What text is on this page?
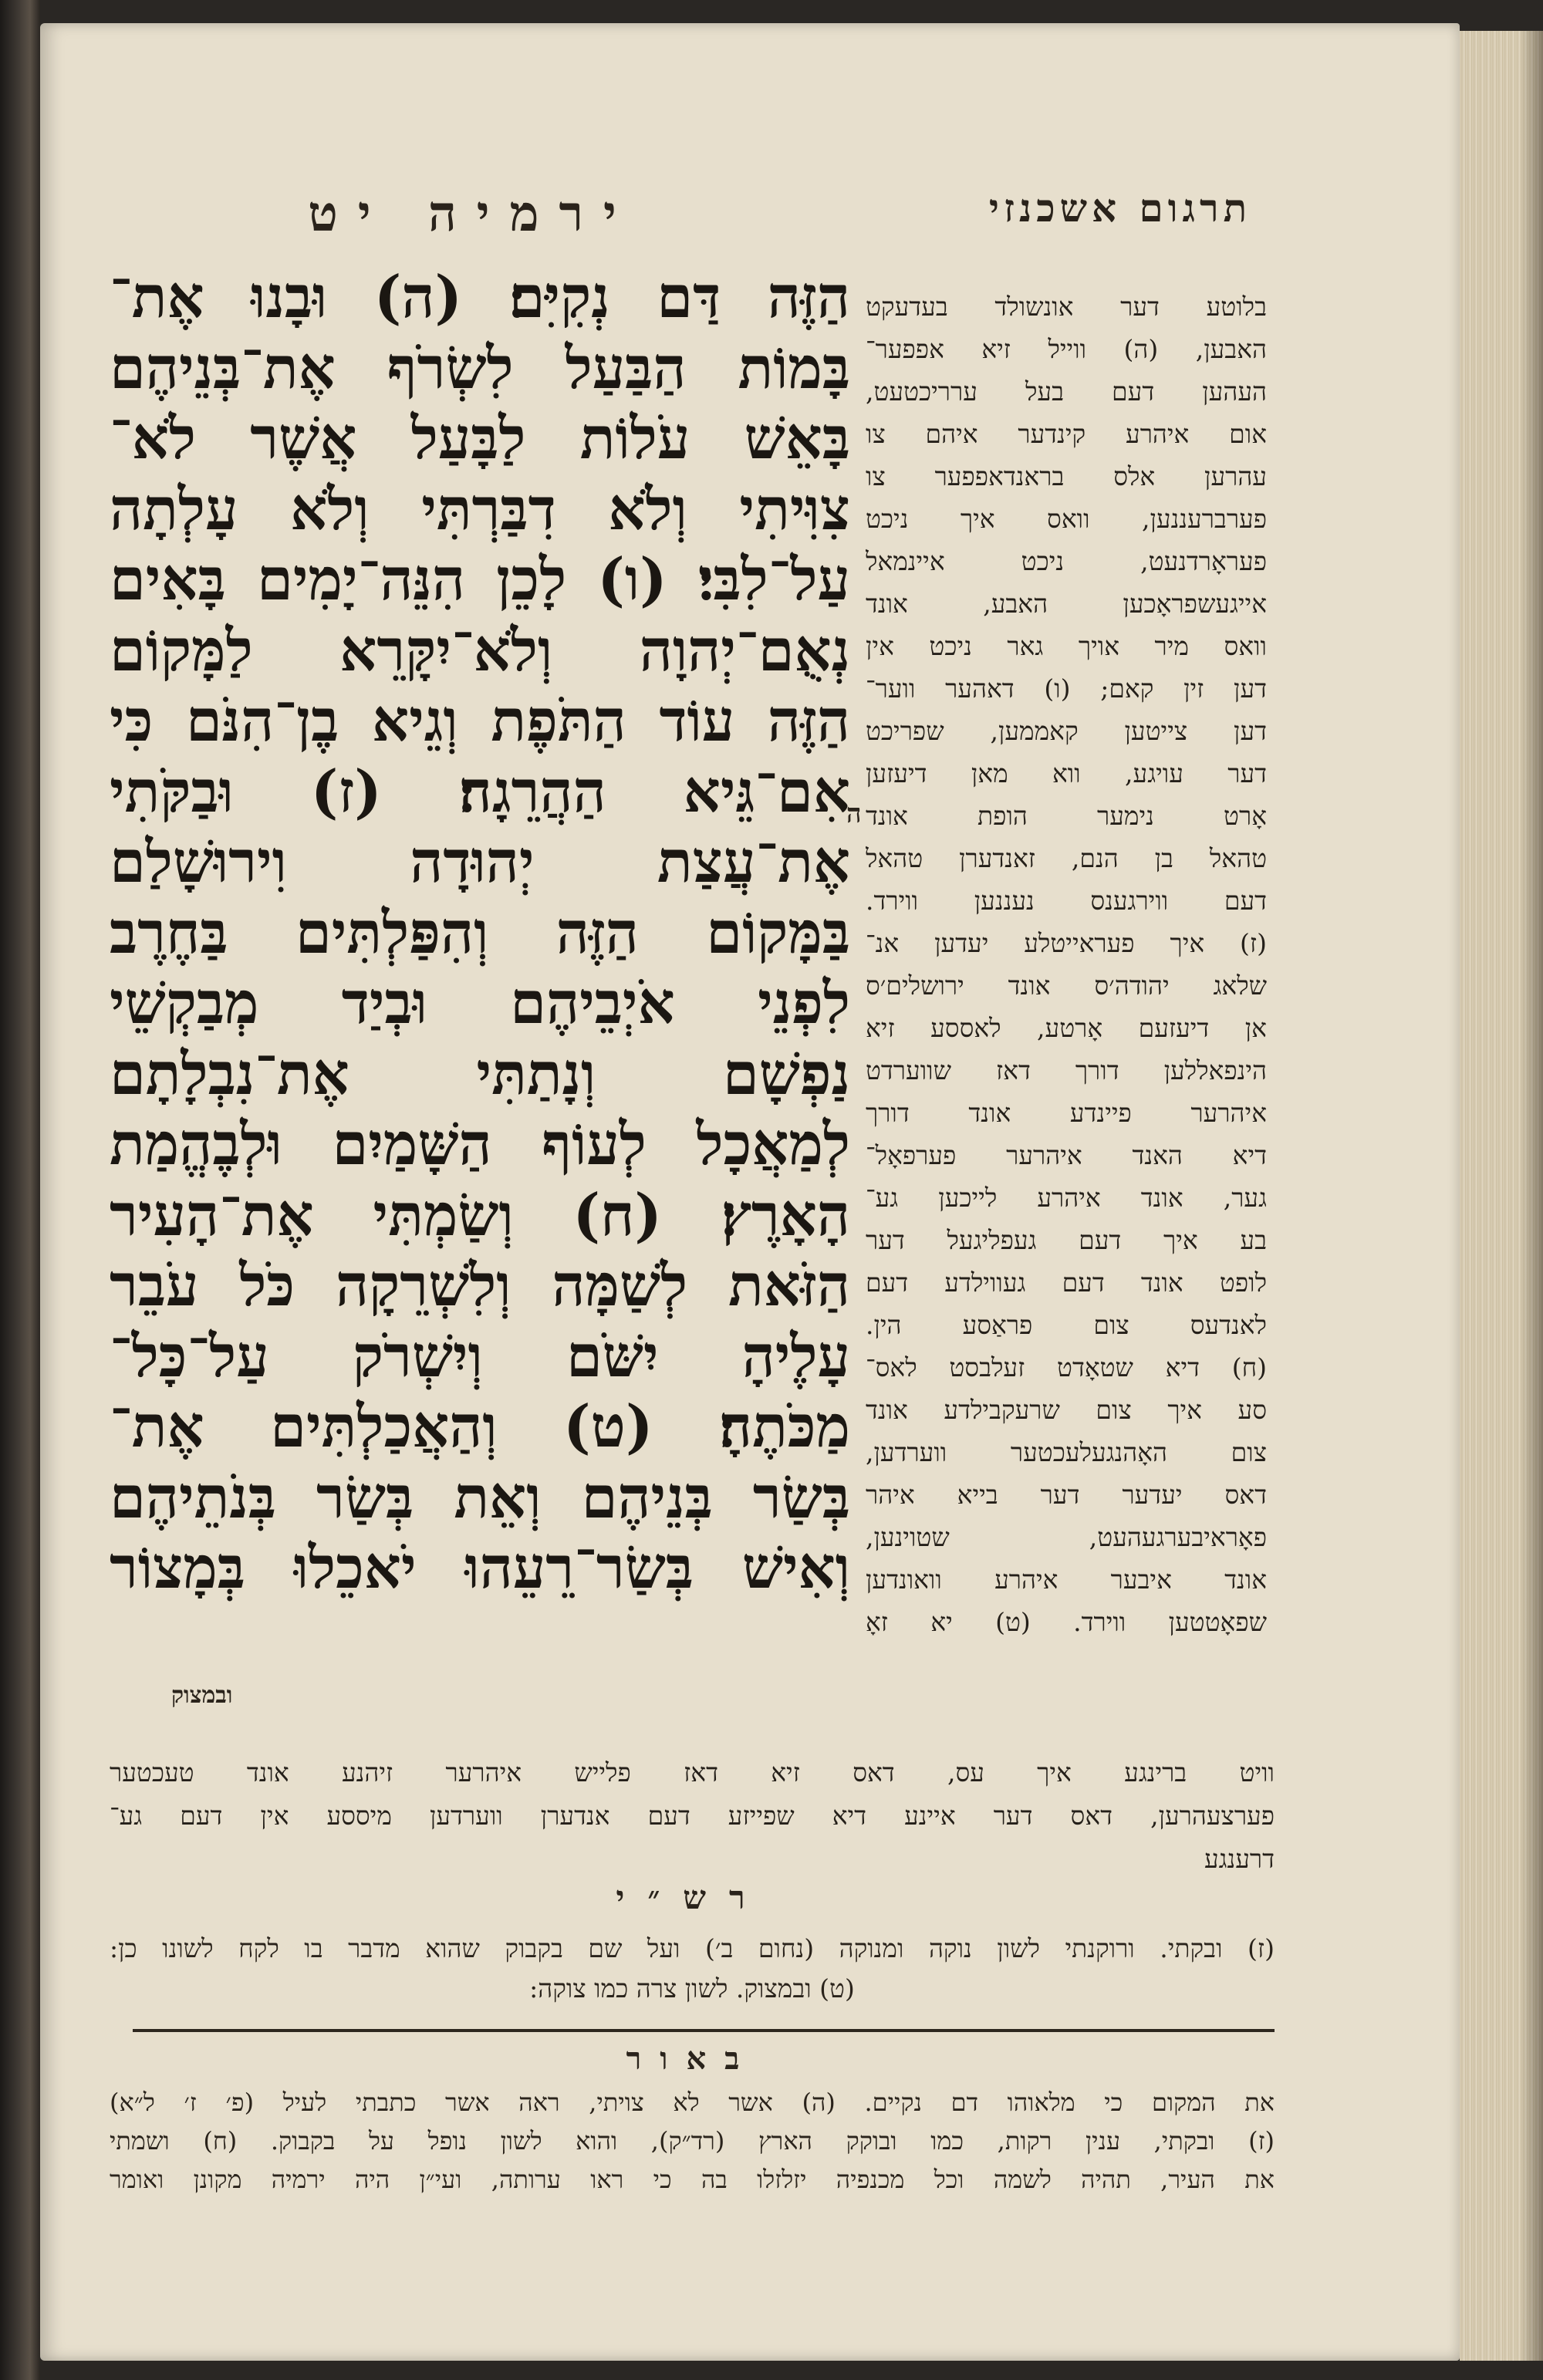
ירמיה יט	תרגום אשכנזי
הַזֶּה דַּם נְקִיִּם׃ (ה) וּבָנוּ אֶת־
בָּמוֹת הַבַּעַל לִשְׂרֹף אֶת־בְּנֵיהֶם
בָּאֵשׁ עֹלוֹת לַבָּעַל אֲשֶׁר לֹא־
צִוִּיתִי וְלֹא דִבַּרְתִּי וְלֹא עָלְתָה
עַל־לִבִּי׃ (ו) לָכֵן הִנֵּה־יָמִים בָּאִים
נְאֻם־יְהוָה וְלֹא־יִקָּרֵא לַמָּקוֹם
הַזֶּה עוֹד הַתֹּפֶת וְגֵיא בֶן־הִנֹּם כִּי
אִם־גֵּיא הַהֲרֵגָה׃ (ז) וּבַקֹּתִי
אֶת־עֲצַת יְהוּדָה וִירוּשָׁלַם
בַּמָּקוֹם הַזֶּה וְהִפַּלְתִּים בַּחֶרֶב
לִפְנֵי אֹיְבֵיהֶם וּבְיַד מְבַקְשֵׁי
נַפְשָׁם וְנָתַתִּי אֶת־נִבְלָתָם
לְמַאֲכָל לְעוֹף הַשָּׁמַיִם וּלְבֶהֱמַת
הָאָרֶץ׃ (ח) וְשַׂמְתִּי אֶת־הָעִיר
הַזֹּאת לְשַׁמָּה וְלִשְׁרֵקָה כֹּל עֹבֵר
עָלֶיהָ יִשֹּׁם וְיִשְׁרֹק עַל־כָּל־
מַכֹּתֶהָ׃ (ט) וְהַאֲכַלְתִּים אֶת־
בְּשַׂר בְּנֵיהֶם וְאֵת בְּשַׂר בְּנֹתֵיהֶם
וְאִישׁ בְּשַׂר־רֵעֵהוּ יֹאכֵלוּ בְּמָצוֹר
ובמצוק
ה
בלוטע דער אונשולד בעדעקט
האבען, (ה) ווייל זיא אפפער־
העהען דעם בעל ערריכטעט,
אום איהרע קינדער איהם צו
עהרען אלס בראנדאפפער צו
פערברעננען, וואס איך ניכט
פעראָרדנעט, ניכט איינמאל
אייגעשפראָכען האבע, אונד
וואס מיר אויך גאר ניכט אין
דען זין קאם; (ו) דאהער ווער־
דען צייטען קאממען, שפריכט
דער עויגע, ווא מאן דיעזען
אָרט נימער הופת אונד
טהאל בן הנם, זאנדערן טהאל
דעם ווירגענס נעננען ווירד.
(ז) איך פעראייטלע יעדען אנ־
שלאג יהודה׳ס אונד ירושלים׳ס
אן דיעזעם אָרטע, לאססע זיא
הינפאללען דורך דאז שווערדט
איהרער פיינדע אונד דורך
דיא האנד איהרער פערפאָל־
גער, אונד איהרע לייכען גע־
בע איך דעם געפליגעל דער
לופט אונד דעם געווילדע דעם
לאנדעס צום פראַסע הין.
(ח) דיא שטאָדט זעלבסט לאס־
סע איך צום שרעקבילדע אונד
צום האָהנגעלעכטער ווערדען,
דאס יעדער דער בייא איהר
פאָראיבערגעהעט, שטוינען,
אונד איבער איהרע וואונדען
שפאָטטען ווירד. (ט) יא זאָ
וויט ברינגע איך עס, דאס זיא דאז פלייש איהרער זיהנע אונד טעכטער
פערצעהרען, דאס דער איינע דיא שפייזע דעם אנדערן ווערדען מיססע אין דעם גע־
דרענגע
רש״י
(ז) ובקתי. ורוקנתי לשון נוקה ומנוקה (נחום ב׳) ועל שם בקבוק שהוא מדבר בו לקח לשונו כן:
(ט) ובמצוק. לשון צרה כמו צוקה:
באור
את המקום כי מלאוהו דם נקיים. (ה) אשר לא צויתי, ראה אשר כתבתי לעיל (פ׳ ז׳ ל״א)
(ז) ובקתי, ענין רקות, כמו ובוקק הארץ (רד״ק), והוא לשון נופל על בקבוק. (ח) ושמתי
את העיר, תהיה לשמה וכל מכנפיה יזלזלו בה כי ראו ערותה, ועי״ן היה ירמיה מקונן ואומר
